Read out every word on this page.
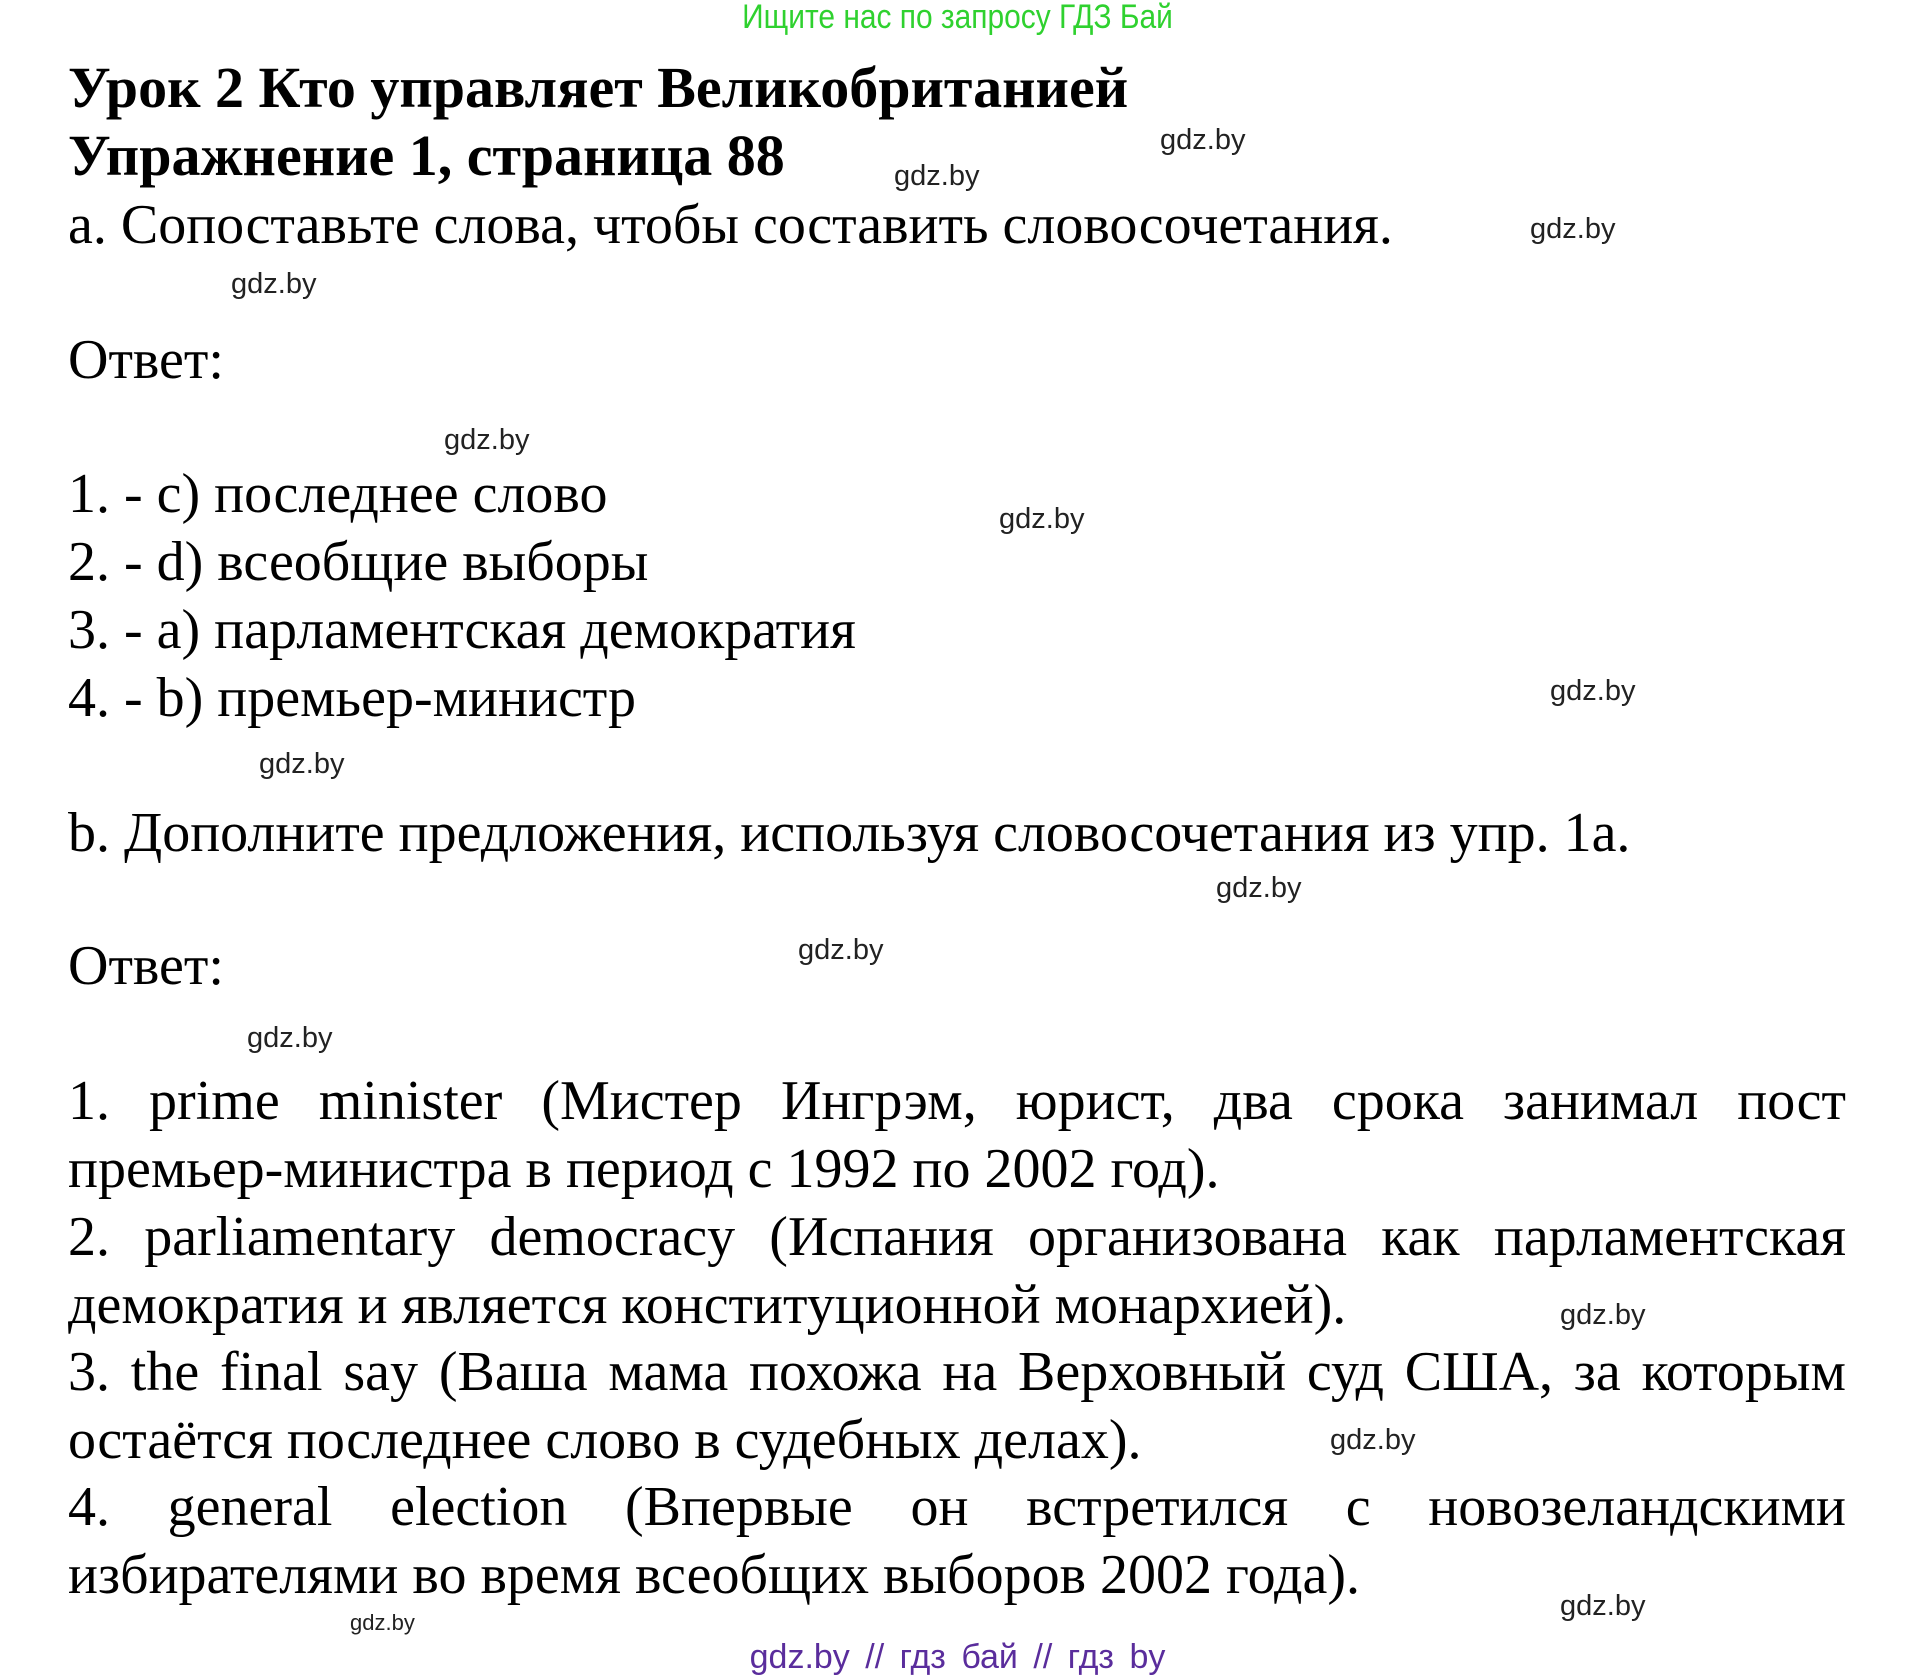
Ищите нас по запросу ГДЗ Бай
Урок 2 Кто управляет Великобританией
Упражнение 1, страница 88
a. Сопоставьте слова, чтобы составить словосочетания.
Ответ:
1. - c) последнее слово
2. - d) всеобщие выборы
3. - a) парламентская демократия
4. - b) премьер-министр
b. Дополните предложения, используя словосочетания из упр. 1a.
Ответ:
1. prime minister (Мистер Ингрэм, юрист, два срока занимал пост
премьер-министра в период с 1992 по 2002 год).
2. parliamentary democracy (Испания организована как парламентская
демократия и является конституционной монархией).
3. the final say (Ваша мама похожа на Верховный суд США, за которым
остаётся последнее слово в судебных делах).
4. general election (Впервые он встретился с новозеландскими
избирателями во время всеобщих выборов 2002 года).
gdz.by
gdz.by
gdz.by
gdz.by
gdz.by
gdz.by
gdz.by
gdz.by
gdz.by
gdz.by
gdz.by
gdz.by
gdz.by
gdz.by
gdz.by
gdz.by // гдз бай // гдз by
